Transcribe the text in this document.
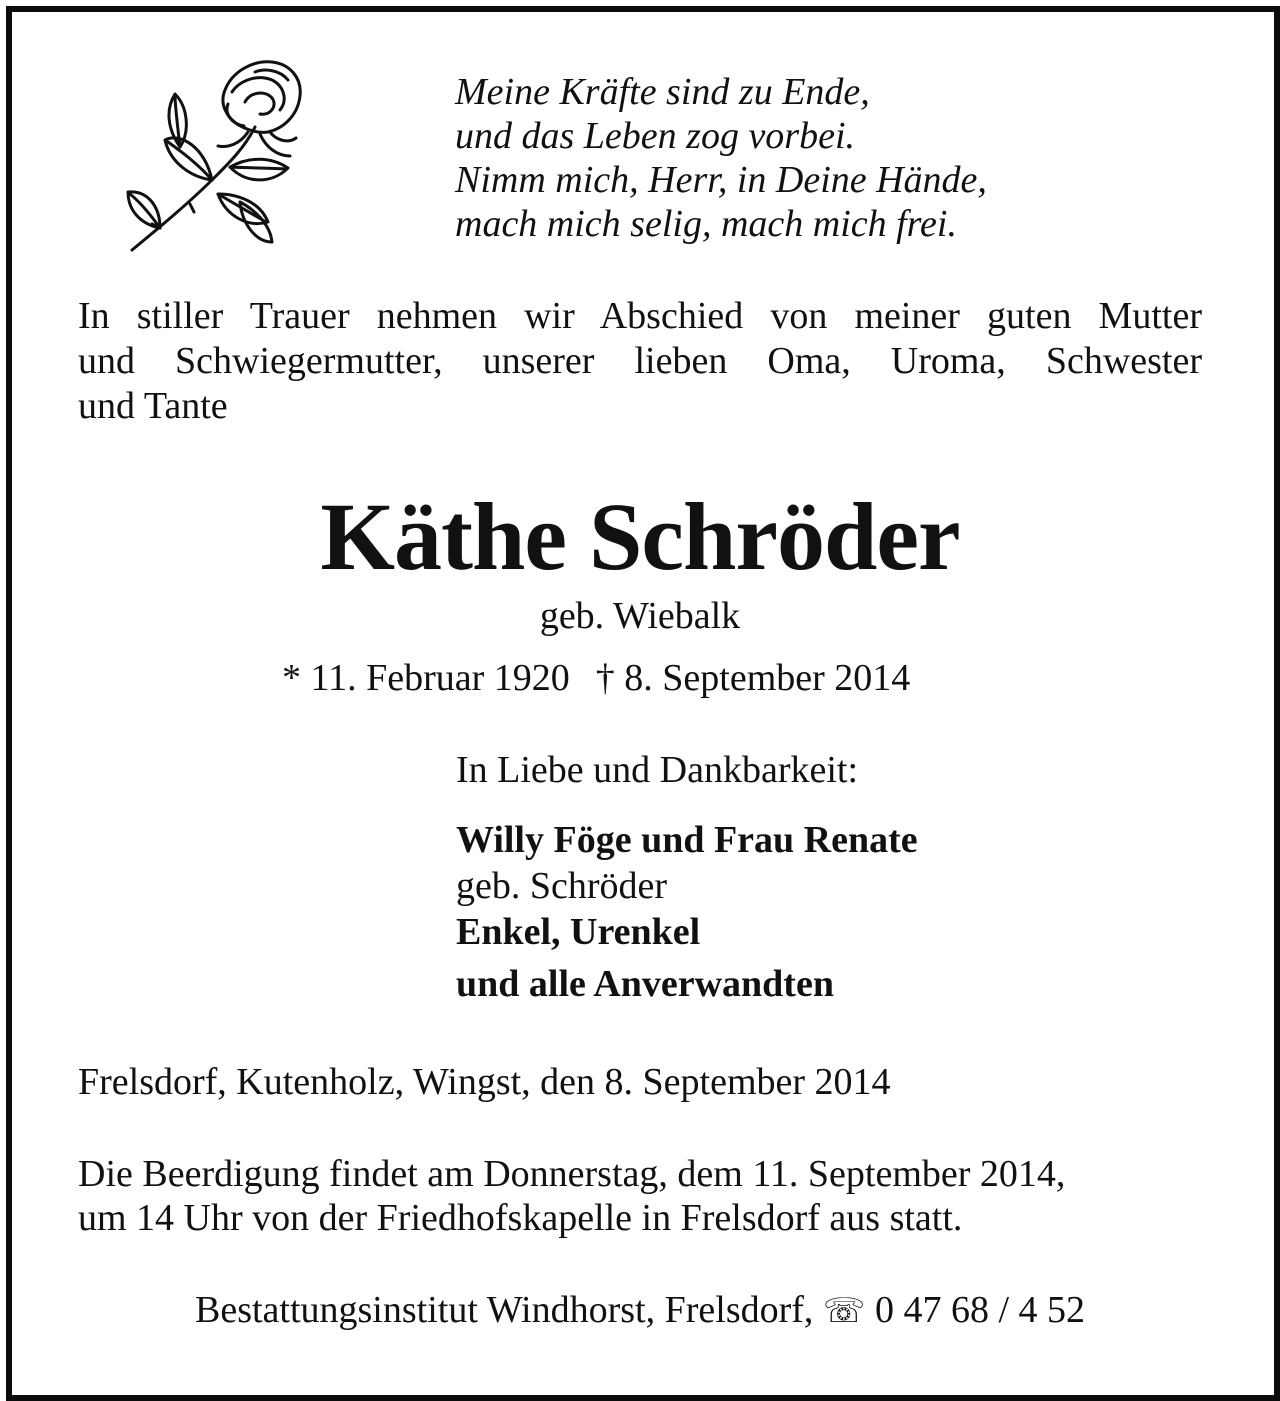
Meine Kräfte sind zu Ende,
und das Leben zog vorbei.
Nimm mich, Herr, in Deine Hände,
mach mich selig, mach mich frei.
In stiller Trauer nehmen wir Abschied von meiner guten Mutter
und Schwiegermutter, unserer lieben Oma, Uroma, Schwester
und Tante
Käthe Schröder
geb. Wiebalk
* 11. Februar 1920 † 8. September 2014
In Liebe und Dankbarkeit:
Willy Föge und Frau Renate
geb. Schröder
Enkel, Urenkel
und alle Anverwandten
Frelsdorf, Kutenholz, Wingst, den 8. September 2014
Die Beerdigung findet am Donnerstag, dem 11. September 2014,
um 14 Uhr von der Friedhofskapelle in Frelsdorf aus statt.
Bestattungsinstitut Windhorst, Frelsdorf, ☏ 0 47 68 / 4 52
